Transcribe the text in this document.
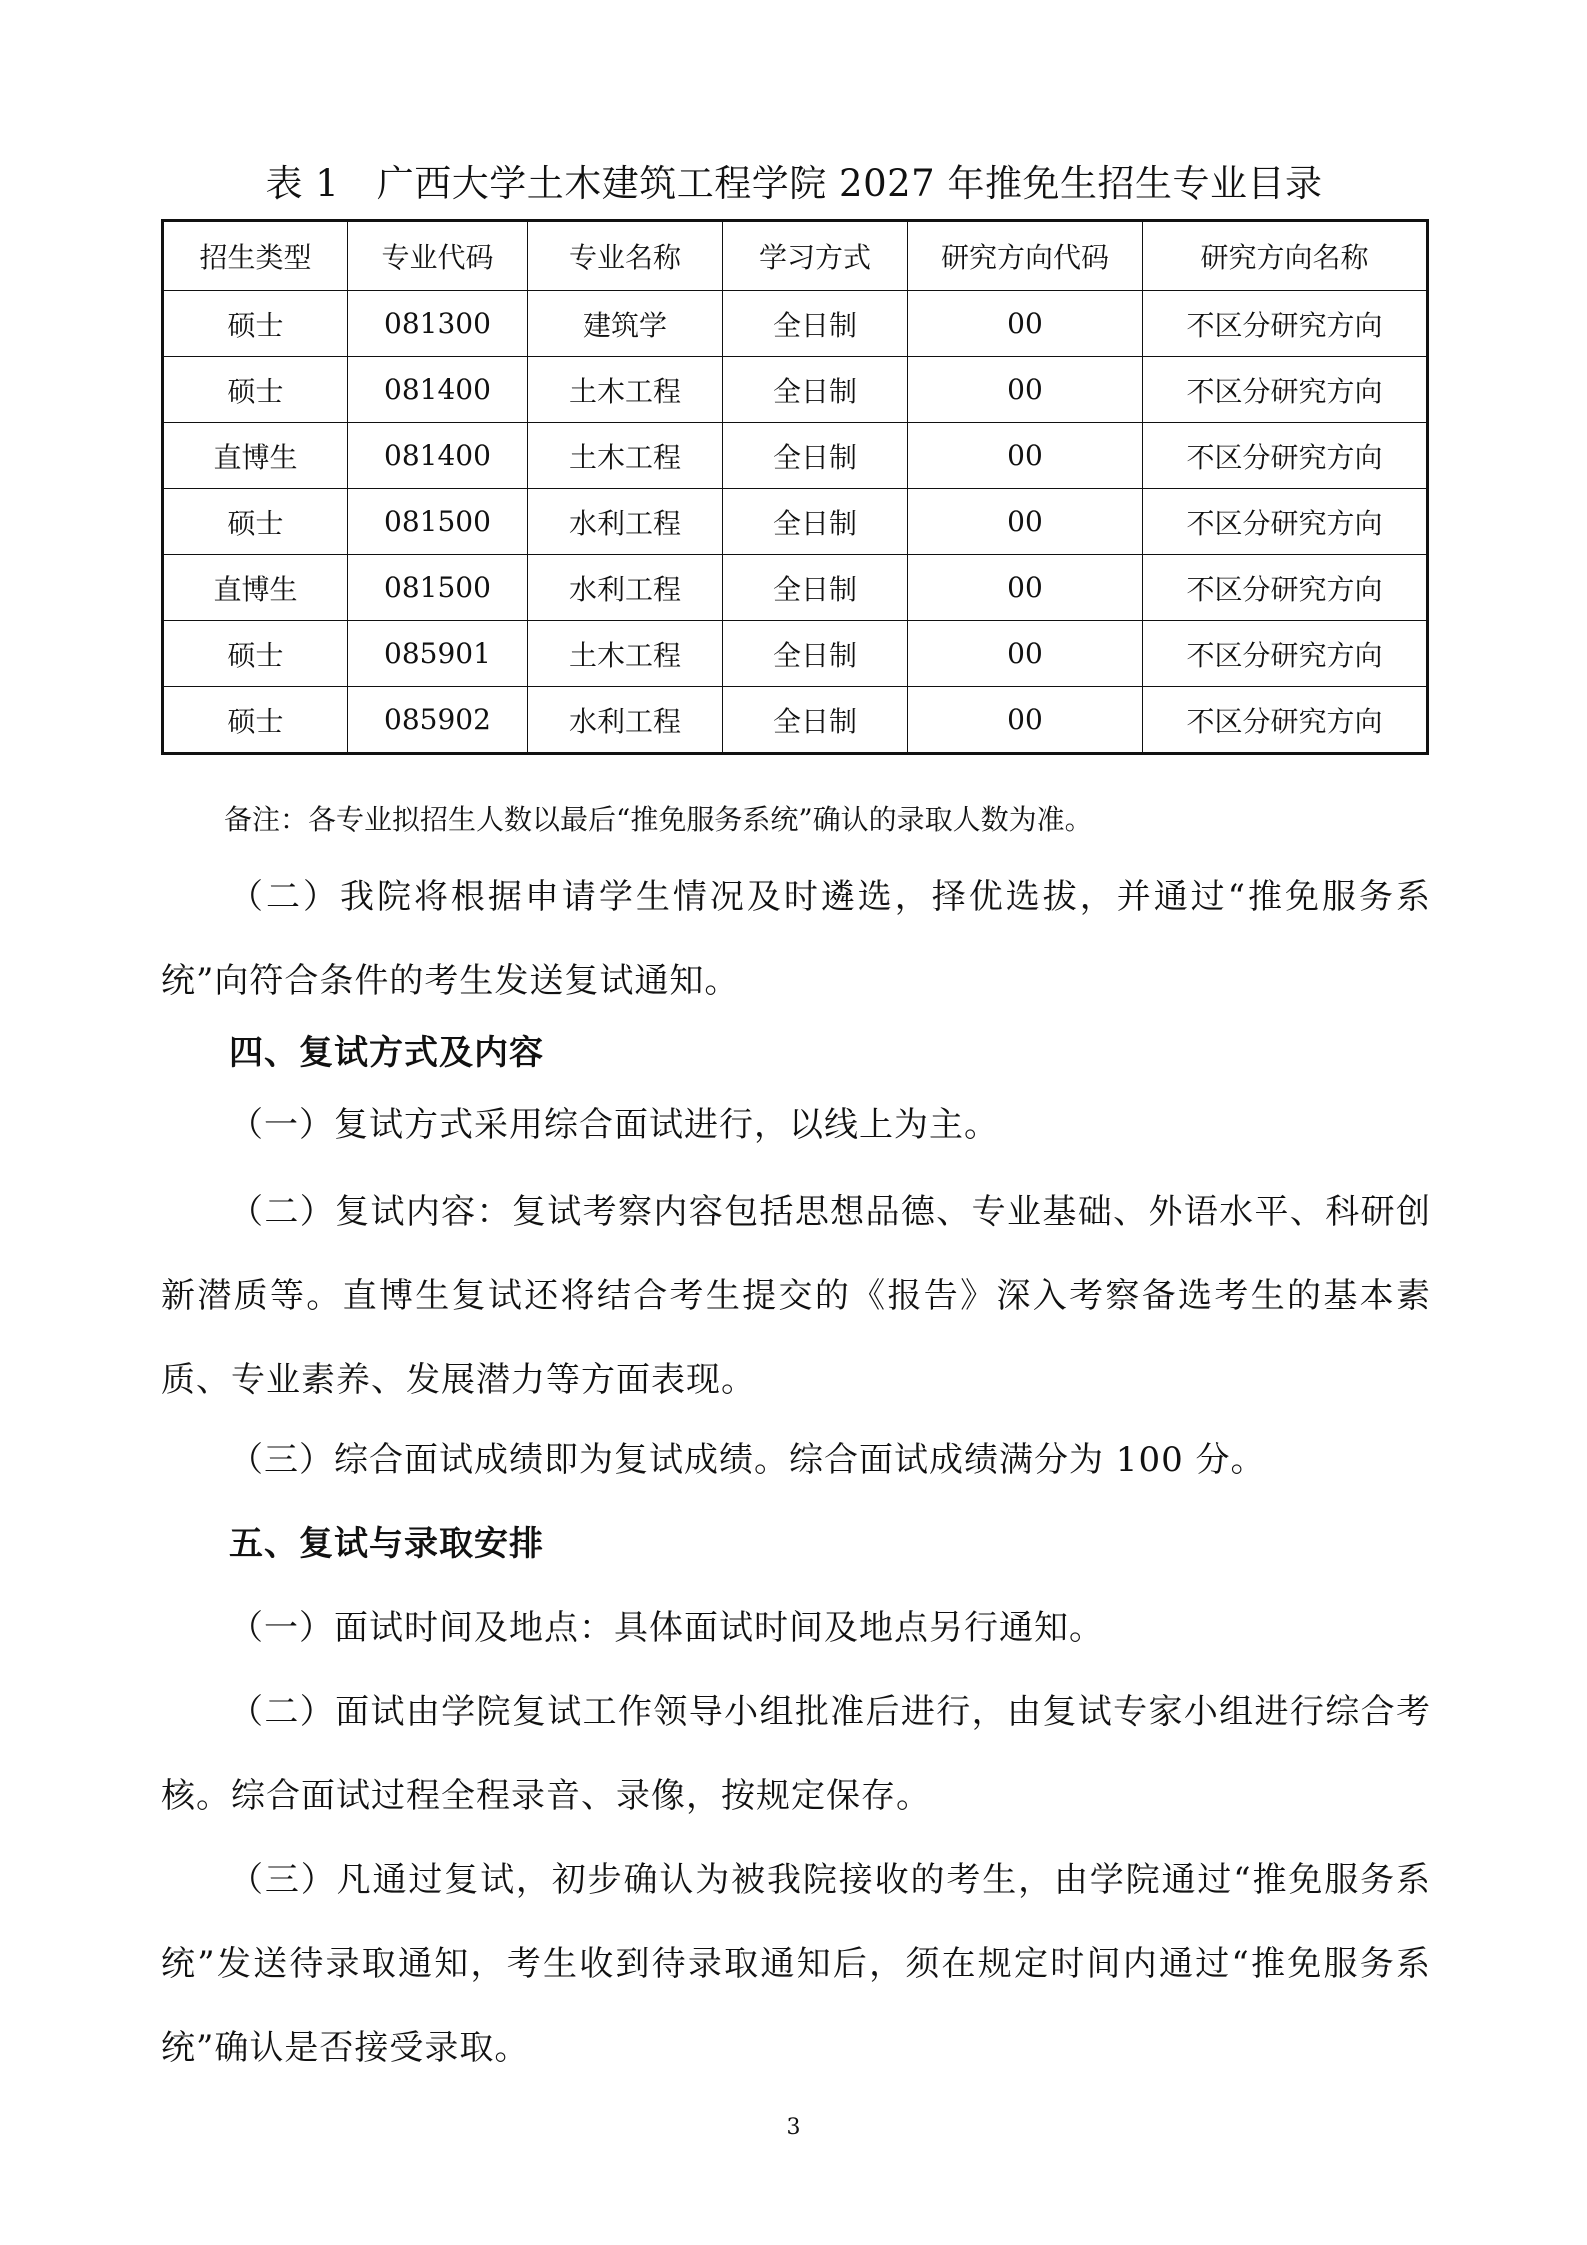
表 1　广西大学土木建筑工程学院 2027 年推免生招生专业目录
招生类型	专业代码	专业名称	学习方式	研究方向代码	研究方向名称
硕士	081300	建筑学	全日制	00	不区分研究方向
硕士	081400	土木工程	全日制	00	不区分研究方向
直博生	081400	土木工程	全日制	00	不区分研究方向
硕士	081500	水利工程	全日制	00	不区分研究方向
直博生	081500	水利工程	全日制	00	不区分研究方向
硕士	085901	土木工程	全日制	00	不区分研究方向
硕士	085902	水利工程	全日制	00	不区分研究方向
备注：各专业拟招生人数以最后“推免服务系统”确认的录取人数为准。

（二）我院将根据申请学生情况及时遴选，择优选拔，并通过“推免服务系统”向符合条件的考生发送复试通知。

四、复试方式及内容

（一）复试方式采用综合面试进行，以线上为主。

（二）复试内容：复试考察内容包括思想品德、专业基础、外语水平、科研创新潜质等。直博生复试还将结合考生提交的《报告》深入考察备选考生的基本素质、专业素养、发展潜力等方面表现。

（三）综合面试成绩即为复试成绩。综合面试成绩满分为 100 分。

五、复试与录取安排

（一）面试时间及地点：具体面试时间及地点另行通知。

（二）面试由学院复试工作领导小组批准后进行，由复试专家小组进行综合考核。综合面试过程全程录音、录像，按规定保存。

（三）凡通过复试，初步确认为被我院接收的考生，由学院通过“推免服务系统”发送待录取通知，考生收到待录取通知后，须在规定时间内通过“推免服务系统”确认是否接受录取。

3
